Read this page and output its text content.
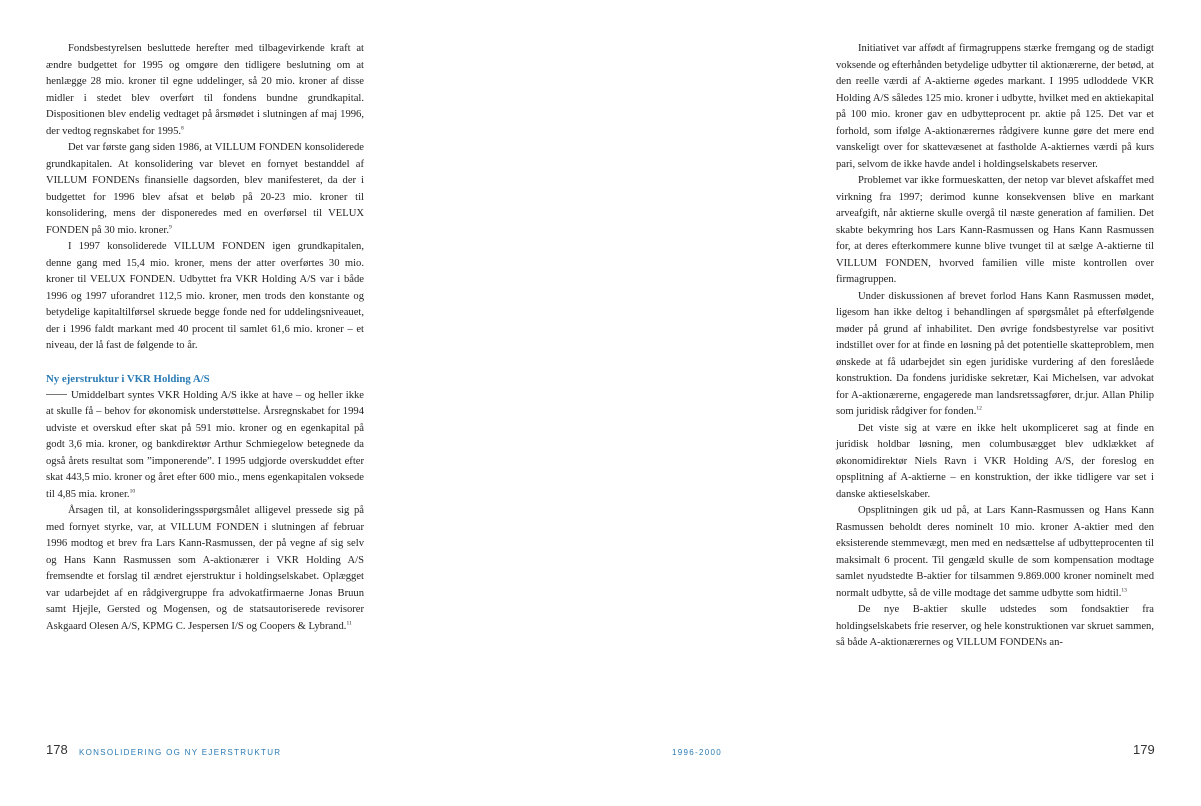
Fondsbestyrelsen besluttede herefter med tilbagevirkende kraft at ændre budgettet for 1995 og omgøre den tidligere beslutning om at henlægge 28 mio. kroner til egne uddelinger, så 20 mio. kroner af disse midler i stedet blev overført til fondens bundne grundkapital. Dispositionen blev endelig vedtaget på årsmødet i slutningen af maj 1996, der vedtog regnskabet for 1995.$^8$

Det var første gang siden 1986, at VILLUM FONDEN konsoliderede grundkapitalen. At konsolidering var blevet en fornyet bestanddel af VILLUM FONDENs finansielle dagsorden, blev manifesteret, da der i budgettet for 1996 blev afsat et beløb på 20-23 mio. kroner til konsolidering, mens der disponeredes med en overførsel til VELUX FONDEN på 30 mio. kroner.$^9$

I 1997 konsoliderede VILLUM FONDEN igen grundkapitalen, denne gang med 15,4 mio. kroner, mens der atter overførtes 30 mio. kroner til VELUX FONDEN. Udbyttet fra VKR Holding A/S var i både 1996 og 1997 uforandret 112,5 mio. kroner, men trods den konstante og betydelige kapitaltilførsel skruede begge fonde ned for uddelingsniveauet, der i 1996 faldt markant med 40 procent til samlet 61,6 mio. kroner – et niveau, der lå fast de følgende to år.

Ny ejerstruktur i VKR Holding A/S

Umiddelbart syntes VKR Holding A/S ikke at have – og heller ikke at skulle få – behov for økonomisk understøttelse. Årsregnskabet for 1994 udviste et overskud efter skat på 591 mio. kroner og en egenkapital på godt 3,6 mia. kroner, og bankdirektør Arthur Schmiegelow betegnede da også årets resultat som ”imponerende”. I 1995 udgjorde overskuddet efter skat 443,5 mio. kroner og året efter 600 mio., mens egenkapitalen voksede til 4,85 mia. kroner.$^{10}$

Årsagen til, at konsolideringsspørgsmålet alligevel pressede sig på med fornyet styrke, var, at VILLUM FONDEN i slutningen af februar 1996 modtog et brev fra Lars Kann-Rasmussen, der på vegne af sig selv og Hans Kann Rasmussen som A-aktionærer i VKR Holding A/S fremsendte et forslag til ændret ejerstruktur i holdingselskabet. Oplægget var udarbejdet af en rådgivergruppe fra advokatfirmaerne Jonas Bruun samt Hjejle, Gersted og Mogensen, og de statsautoriserede revisorer Askgaard Olesen A/S, KPMG C. Jespersen I/S og Coopers & Lybrand.$^{11}$

Initiativet var affødt af firmagruppens stærke fremgang og de stadigt voksende og efterhånden betydelige udbytter til aktionærerne, der betød, at den reelle værdi af A-aktierne øgedes markant. I 1995 udloddede VKR Holding A/S således 125 mio. kroner i udbytte, hvilket med en aktiekapital på 100 mio. kroner gav en udbytteprocent pr. aktie på 125. Det var et forhold, som ifølge A-aktionærernes rådgivere kunne gøre det mere end vanskeligt over for skattevæsenet at fastholde A-aktiernes værdi på kurs pari, selvom de ikke havde andel i holdingselskabets reserver.

Problemet var ikke formueskatten, der netop var blevet afskaffet med virkning fra 1997; derimod kunne konsekvensen blive en markant arveafgift, når aktierne skulle overgå til næste generation af familien. Det skabte bekymring hos Lars Kann-Rasmussen og Hans Kann Rasmussen for, at deres efterkommere kunne blive tvunget til at sælge A-aktierne til VILLUM FONDEN, hvorved familien ville miste kontrollen over firmagruppen.

Under diskussionen af brevet forlod Hans Kann Rasmussen mødet, ligesom han ikke deltog i behandlingen af spørgsmålet på efterfølgende møder på grund af inhabilitet. Den øvrige fondsbestyrelse var positivt indstillet over for at finde en løsning på det potentielle skatteproblem, men ønskede at få udarbejdet sin egen juridiske vurdering af den foreslåede konstruktion. Da fondens juridiske sekretær, Kai Michelsen, var advokat for A-aktionærerne, engagerede man landsretssagfører, dr.jur. Allan Philip som juridisk rådgiver for fonden.$^{12}$

Det viste sig at være en ikke helt ukompliceret sag at finde en juridisk holdbar løsning, men columbusægget blev udklækket af økonomidirektør Niels Ravn i VKR Holding A/S, der foreslog en opsplitning af A-aktierne – en konstruktion, der ikke tidligere var set i danske aktieselskaber.

Opsplitningen gik ud på, at Lars Kann-Rasmussen og Hans Kann Rasmussen beholdt deres nominelt 10 mio. kroner A-aktier med den eksisterende stemmevægt, men med en nedsættelse af udbytteprocenten til maksimalt 6 procent. Til gengæld skulle de som kompensation modtage samlet nyudstedte B-aktier for tilsammen 9.869.000 kroner nominelt med normalt udbytte, så de ville modtage det samme udbytte som hidtil.$^{13}$

De nye B-aktier skulle udstedes som fondsaktier fra holdingselskabets frie reserver, og hele konstruktionen var skruet sammen, så både A-aktionærernes og VILLUM FONDENs an-

178 KONSOLIDERING OG NY EJERSTRUKTUR	1996-2000	179
